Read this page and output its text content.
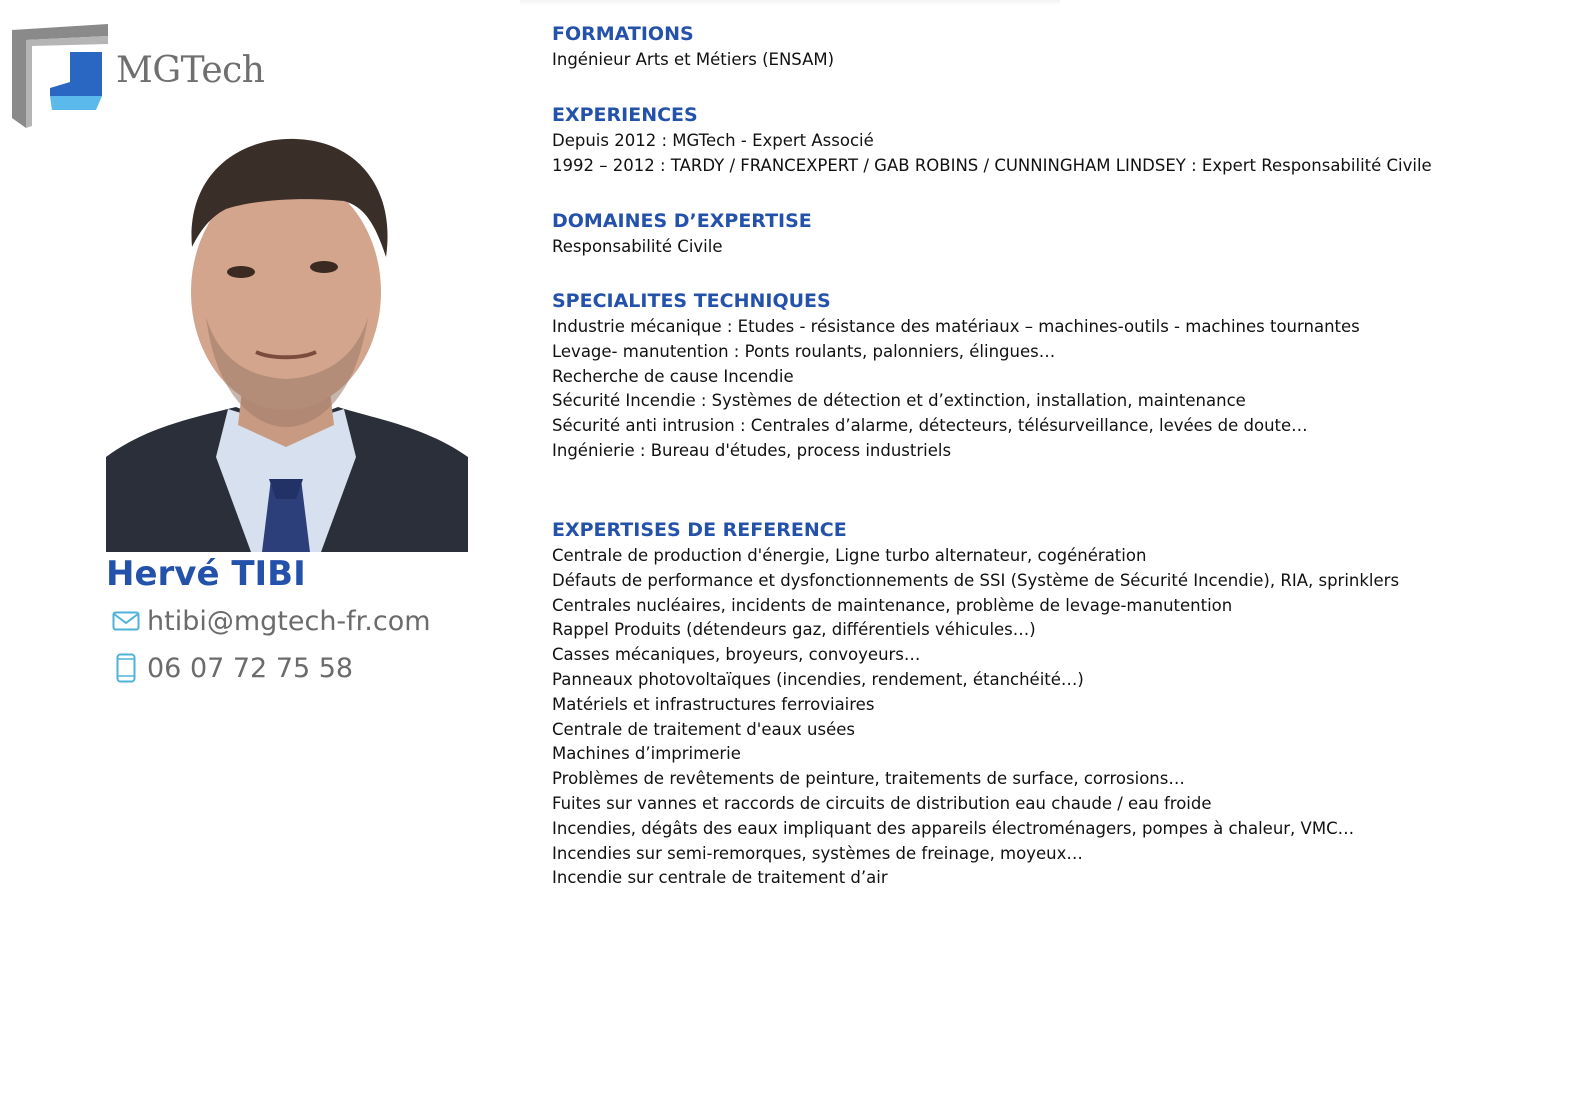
MGTech
Hervé TIBI
htibi@mgtech-fr.com
06 07 72 75 58
FORMATIONS
Ingénieur Arts et Métiers (ENSAM)
EXPERIENCES
Depuis 2012 : MGTech - Expert Associé
1992 – 2012 : TARDY / FRANCEXPERT / GAB ROBINS / CUNNINGHAM LINDSEY : Expert Responsabilité Civile
DOMAINES D’EXPERTISE
Responsabilité Civile
SPECIALITES TECHNIQUES
Industrie mécanique : Etudes - résistance des matériaux – machines-outils - machines tournantes
Levage- manutention : Ponts roulants, palonniers, élingues…
Recherche de cause Incendie
Sécurité Incendie : Systèmes de détection et d’extinction, installation, maintenance
Sécurité anti intrusion : Centrales d’alarme, détecteurs, télésurveillance, levées de doute…
Ingénierie : Bureau d'études, process industriels
EXPERTISES DE REFERENCE
Centrale de production d'énergie, Ligne turbo alternateur, cogénération
Défauts de performance et dysfonctionnements de SSI (Système de Sécurité Incendie), RIA, sprinklers
Centrales nucléaires, incidents de maintenance, problème de levage-manutention
Rappel Produits (détendeurs gaz, différentiels véhicules…)
Casses mécaniques, broyeurs, convoyeurs…
Panneaux photovoltaïques (incendies, rendement, étanchéité…)
Matériels et infrastructures ferroviaires
Centrale de traitement d'eaux usées
Machines d’imprimerie
Problèmes de revêtements de peinture, traitements de surface, corrosions…
Fuites sur vannes et raccords de circuits de distribution eau chaude / eau froide
Incendies, dégâts des eaux impliquant des appareils électroménagers, pompes à chaleur, VMC…
Incendies sur semi-remorques, systèmes de freinage, moyeux…
Incendie sur centrale de traitement d’air
